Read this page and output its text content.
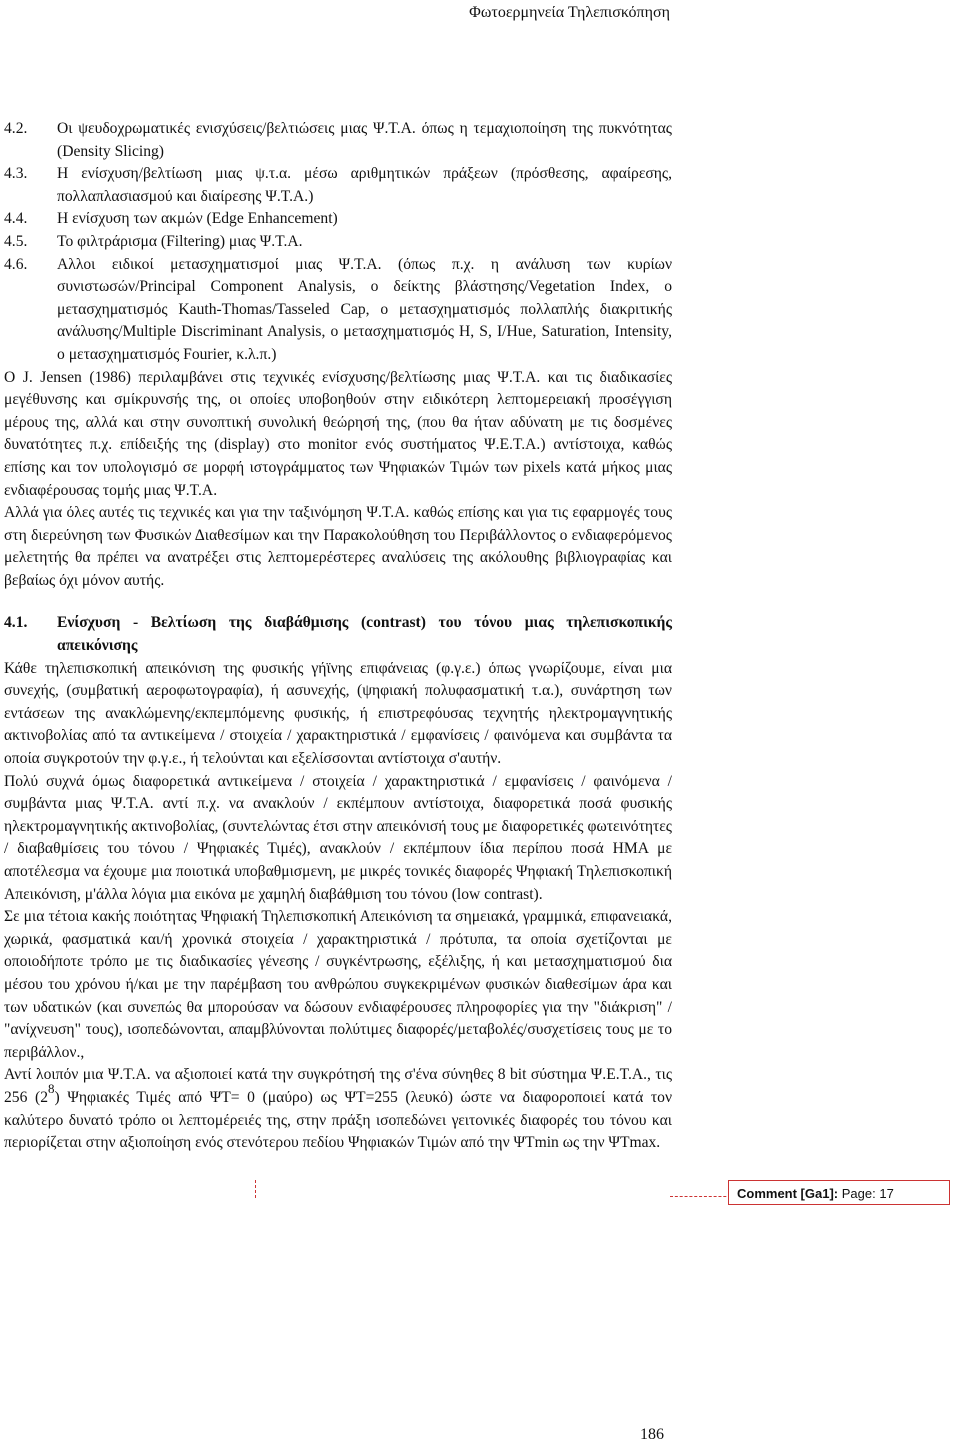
Φωτοερμηνεία Τηλεπισκόπηση
4.2.	Οι ψευδοχρωματικές ενισχύσεις/βελτιώσεις μιας Ψ.Τ.Α. όπως η τεμαχιοποίηση της πυκνότητας (Density Slicing)
4.3.	Η ενίσχυση/βελτίωση μιας ψ.τ.α. μέσω αριθμητικών πράξεων (πρόσθεσης, αφαίρεσης, πολλαπλασιασμού και διαίρεσης Ψ.Τ.Α.)
4.4.	Η ενίσχυση των ακμών (Edge Enhancement)
4.5.	Το φιλτράρισμα (Filtering) μιας Ψ.Τ.Α.
4.6.	Αλλοι ειδικοί μετασχηματισμοί μιας Ψ.Τ.Α. (όπως π.χ. η ανάλυση των κυρίων συνιστωσών/Principal Component Analysis, ο δείκτης βλάστησης/Vegetation Index, ο μετασχηματισμός Kauth-Thomas/Tasseled Cap, ο μετασχηματισμός πολλαπλής διακριτικής ανάλυσης/Multiple Discriminant Analysis, ο μετασχηματισμός H, S, I/Hue, Saturation, Intensity, ο μετασχηματισμός Fourier, κ.λ.π.)

Ο J. Jensen (1986) περιλαμβάνει στις τεχνικές ενίσχυσης/βελτίωσης μιας Ψ.Τ.Α. και τις διαδικασίες μεγέθυνσης και σμίκρυνσής της, οι οποίες υποβοηθούν στην ειδικότερη λεπτομερειακή προσέγγιση μέρους της, αλλά και στην συνοπτική συνολική θεώρησή της, (που θα ήταν αδύνατη με τις δοσμένες δυνατότητες π.χ. επίδειξής της (display) στο monitor ενός συστήματος Ψ.Ε.Τ.Α.) αντίστοιχα, καθώς επίσης και τον υπολογισμό σε μορφή ιστογράμματος των Ψηφιακών Τιμών των pixels κατά μήκος μιας ενδιαφέρουσας τομής μιας Ψ.Τ.Α.

Αλλά για όλες αυτές τις τεχνικές και για την ταξινόμηση Ψ.Τ.Α. καθώς επίσης και για τις εφαρμογές τους στη διερεύνηση των Φυσικών Διαθεσίμων και την Παρακολούθηση του Περιβάλλοντος ο ενδιαφερόμενος μελετητής θα πρέπει να ανατρέξει στις λεπτομερέστερες αναλύσεις της ακόλουθης βιβλιογραφίας και βεβαίως όχι μόνον αυτής.

4.1.	Ενίσχυση - Βελτίωση της διαβάθμισης (contrast) του τόνου μιας τηλεπισκοπικής απεικόνισης

Κάθε τηλεπισκοπική απεικόνιση της φυσικής γήϊνης επιφάνειας (φ.γ.ε.) όπως γνωρίζουμε, είναι μια συνεχής, (συμβατική αεροφωτογραφία), ή ασυνεχής, (ψηφιακή πολυφασματική τ.α.), συνάρτηση των εντάσεων της ανακλώμενης/εκπεμπόμενης φυσικής, ή επιστρεφόυσας τεχνητής ηλεκτρομαγνητικής ακτινοβολίας από τα αντικείμενα / στοιχεία / χαρακτηριστικά / εμφανίσεις / φαινόμενα και συμβάντα τα οποία συγκροτούν την φ.γ.ε., ή τελούνται και εξελίσσονται αντίστοιχα σ'αυτήν.

Πολύ συχνά όμως διαφορετικά αντικείμενα / στοιχεία / χαρακτηριστικά / εμφανίσεις / φαινόμενα / συμβάντα μιας Ψ.Τ.Α. αντί π.χ. να ανακλούν / εκπέμπουν αντίστοιχα, διαφορετικά ποσά φυσικής ηλεκτρομαγνητικής ακτινοβολίας, (συντελώντας έτσι στην απεικόνισή τους με διαφορετικές φωτεινότητες / διαβαθμίσεις του τόνου / Ψηφιακές Τιμές), ανακλούν / εκπέμπουν ίδια περίπου ποσά ΗΜΑ με αποτέλεσμα να έχουμε μια ποιοτικά υποβαθμισμενη, με μικρές τονικές διαφορές Ψηφιακή Τηλεπισκοπική Απεικόνιση, μ'άλλα λόγια μια εικόνα με χαμηλή διαβάθμιση του τόνου (low contrast).

Σε μια τέτοια κακής ποιότητας Ψηφιακή Τηλεπισκοπική Απεικόνιση τα σημειακά, γραμμικά, επιφανειακά, χωρικά, φασματικά και/ή χρονικά στοιχεία / χαρακτηριστικά / πρότυπα, τα οποία σχετίζονται με οποιοδήποτε τρόπο με τις διαδικασίες γένεσης / συγκέντρωσης, εξέλιξης, ή και μετασχηματισμού δια μέσου του χρόνου ή/και με την παρέμβαση του ανθρώπου συγκεκριμένων φυσικών διαθεσίμων άρα και των υδατικών (και συνεπώς θα μπορούσαν να δώσουν ενδιαφέρουσες πληροφορίες για την "διάκριση" / "ανίχνευση" τους), ισοπεδώνονται, απαμβλύνονται πολύτιμες διαφορές/μεταβολές/συσχετίσεις τους με το περιβάλλον.,

Αντί λοιπόν μια Ψ.Τ.Α. να αξιοποιεί κατά την συγκρότησή της σ'ένα σύνηθες 8 bit σύστημα Ψ.Ε.Τ.Α., τις 256 $(2^8)$ Ψηφιακές Τιμές από ΨΤ= 0 (μαύρο) ως ΨΤ=255 (λευκό) ώστε να διαφοροποιεί κατά τον καλύτερο δυνατό τρόπο οι λεπτομέρειές της, στην πράξη ισοπεδώνει γειτονικές διαφορές του τόνου και περιορίζεται στην αξιοποίηση ενός στενότερου πεδίου Ψηφιακών Τιμών από την ΨΤmin ως την ΨΤmax.

Comment [Ga1]: Page: 17
186
